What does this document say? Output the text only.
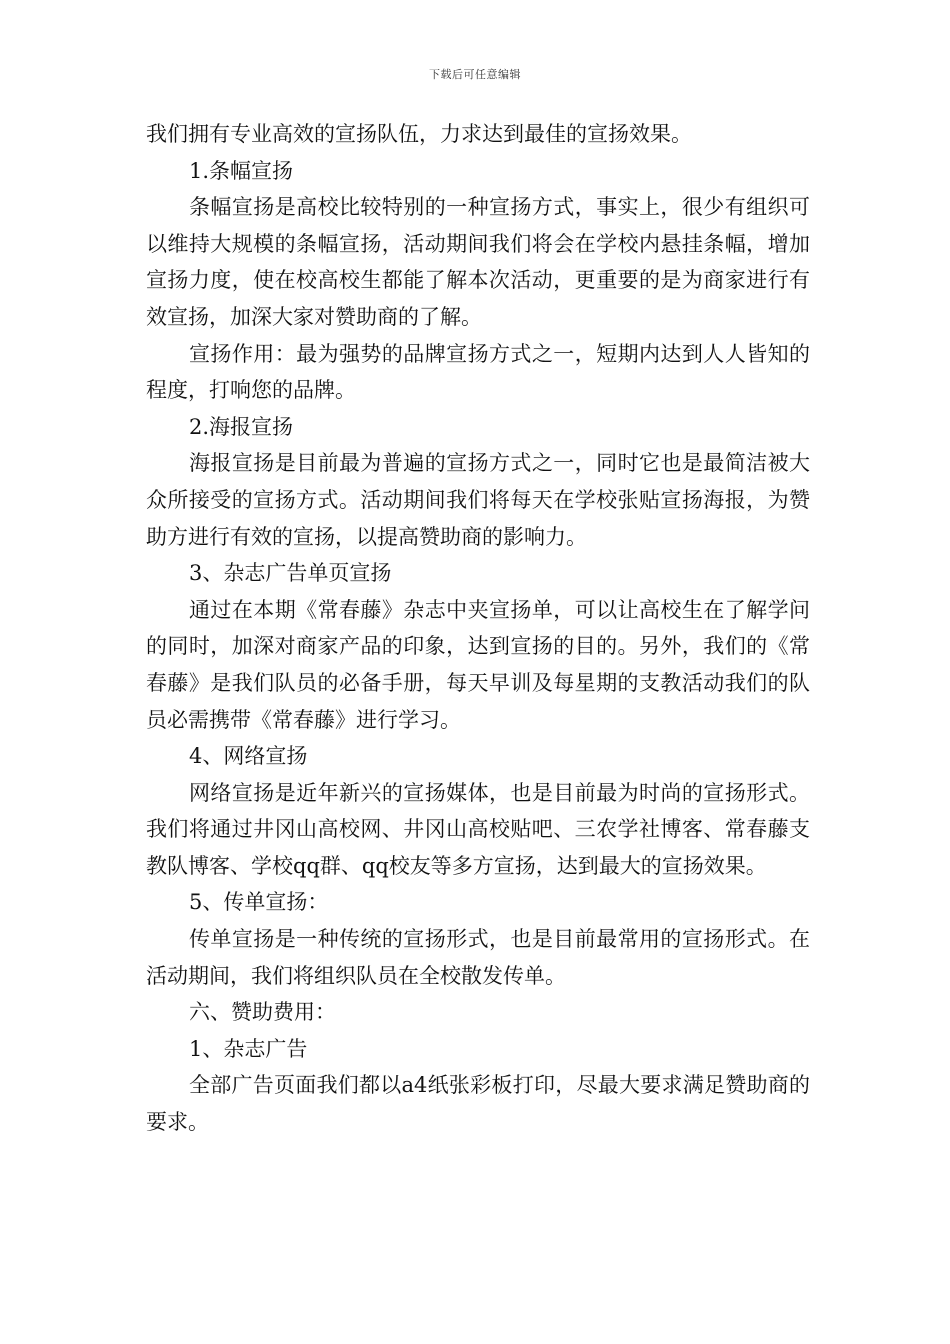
下载后可任意编辑

我们拥有专业高效的宣扬队伍，力求达到最佳的宣扬效果。

1.条幅宣扬

条幅宣扬是高校比较特别的一种宣扬方式，事实上，很少有组织可以维持大规模的条幅宣扬，活动期间我们将会在学校内悬挂条幅，增加宣扬力度，使在校高校生都能了解本次活动，更重要的是为商家进行有效宣扬，加深大家对赞助商的了解。

宣扬作用：最为强势的品牌宣扬方式之一，短期内达到人人皆知的程度，打响您的品牌。

2.海报宣扬

海报宣扬是目前最为普遍的宣扬方式之一，同时它也是最简洁被大众所接受的宣扬方式。活动期间我们将每天在学校张贴宣扬海报，为赞助方进行有效的宣扬，以提高赞助商的影响力。

3、杂志广告单页宣扬

通过在本期《常春藤》杂志中夹宣扬单，可以让高校生在了解学问的同时，加深对商家产品的印象，达到宣扬的目的。另外，我们的《常春藤》是我们队员的必备手册，每天早训及每星期的支教活动我们的队员必需携带《常春藤》进行学习。

4、网络宣扬

网络宣扬是近年新兴的宣扬媒体，也是目前最为时尚的宣扬形式。我们将通过井冈山高校网、井冈山高校贴吧、三农学社博客、常春藤支教队博客、学校qq群、qq校友等多方宣扬，达到最大的宣扬效果。

5、传单宣扬：

传单宣扬是一种传统的宣扬形式，也是目前最常用的宣扬形式。在活动期间，我们将组织队员在全校散发传单。

六、赞助费用：

1、杂志广告

全部广告页面我们都以a4纸张彩板打印，尽最大要求满足赞助商的要求。
